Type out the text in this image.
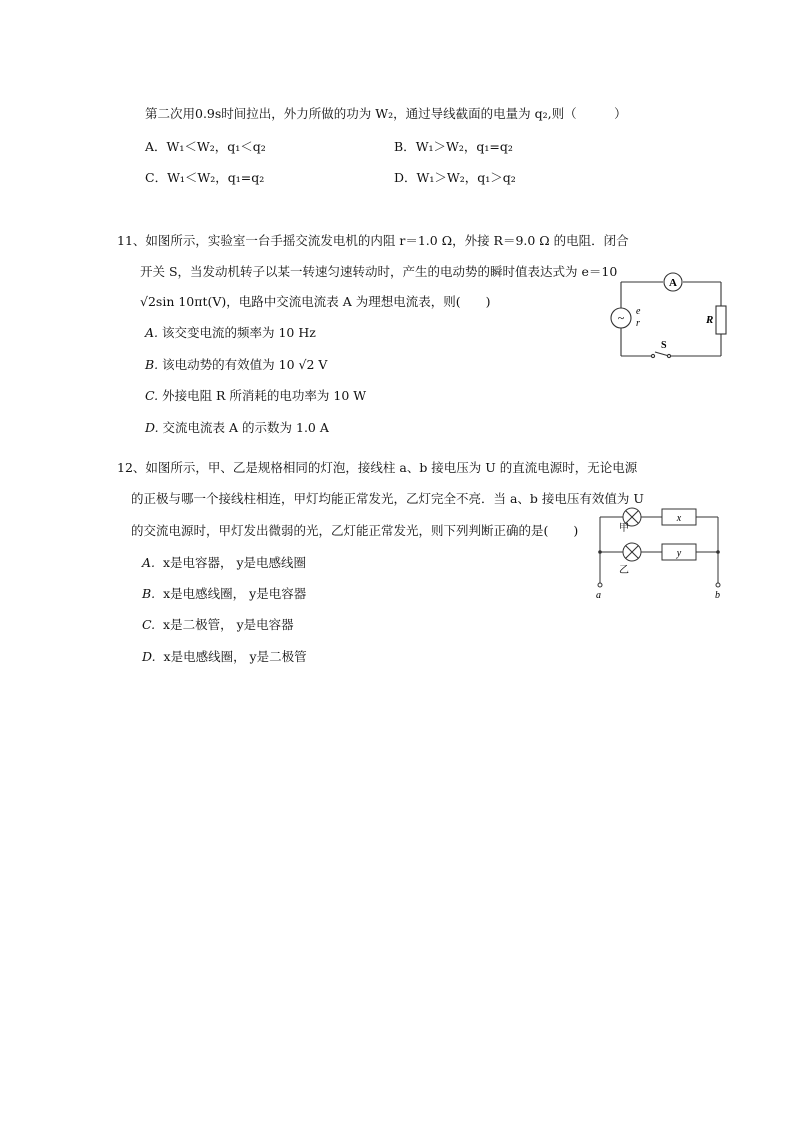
第二次用0.9s时间拉出，外力所做的功为 W₂，通过导线截面的电量为 q₂,则（　　　）
A．W₁＜W₂，q₁＜q₂	B．W₁＞W₂，q₁=q₂
C．W₁＜W₂，q₁=q₂	D．W₁＞W₂，q₁＞q₂
11、如图所示，实验室一台手摇交流发电机的内阻 r＝1.0 Ω，外接 R＝9.0 Ω 的电阻．闭合
开关 S，当发动机转子以某一转速匀速转动时，产生的电动势的瞬时值表达式为 e＝10
√2sin 10πt(V)，电路中交流电流表 A 为理想电流表，则(　　)
A. 该交变电流的频率为 10 Hz
B. 该电动势的有效值为 10 √2 V
C. 外接电阻 R 所消耗的电功率为 10 W
D. 交流电流表 A 的示数为 1.0 A
A
~ e
r	R
S
12、如图所示，甲、乙是规格相同的灯泡，接线柱 a、b 接电压为 U 的直流电源时，无论电源
的正极与哪一个接线柱相连，甲灯均能正常发光，乙灯完全不亮．当 a、b 接电压有效值为 U
的交流电源时，甲灯发出微弱的光，乙灯能正常发光，则下列判断正确的是(　　)
A. x是电容器， y是电感线圈
B. x是电感线圈， y是电容器
C. x是二极管， y是电容器
D. x是电感线圈， y是二极管
甲
乙
x
y
a	b
